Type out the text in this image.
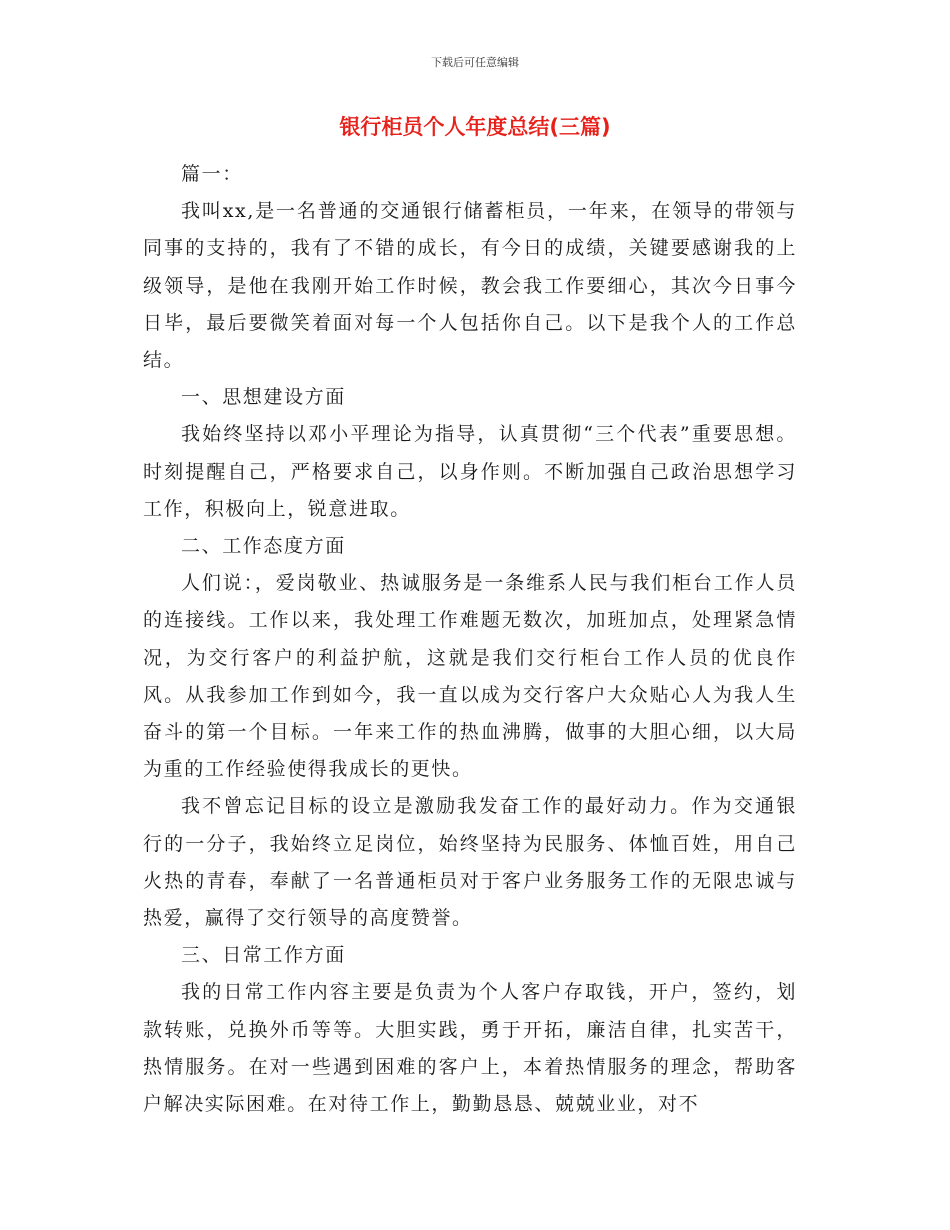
下载后可任意编辑
银行柜员个人年度总结(三篇)

篇一：

我叫xx,是一名普通的交通银行储蓄柜员，一年来，在领导的带领与同事的支持的，我有了不错的成长，有今日的成绩，关键要感谢我的上级领导，是他在我刚开始工作时候，教会我工作要细心，其次今日事今日毕，最后要微笑着面对每一个人包括你自己。以下是我个人的工作总结。

一、思想建设方面

我始终坚持以邓小平理论为指导，认真贯彻“三个代表”重要思想。时刻提醒自己，严格要求自己，以身作则。不断加强自己政治思想学习工作，积极向上，锐意进取。

二、工作态度方面

人们说：，爱岗敬业、热诚服务是一条维系人民与我们柜台工作人员的连接线。工作以来，我处理工作难题无数次，加班加点，处理紧急情况，为交行客户的利益护航，这就是我们交行柜台工作人员的优良作风。从我参加工作到如今，我一直以成为交行客户大众贴心人为我人生奋斗的第一个目标。一年来工作的热血沸腾，做事的大胆心细，以大局为重的工作经验使得我成长的更快。

我不曾忘记目标的设立是激励我发奋工作的最好动力。作为交通银行的一分子，我始终立足岗位，始终坚持为民服务、体恤百姓，用自己火热的青春，奉献了一名普通柜员对于客户业务服务工作的无限忠诚与热爱，赢得了交行领导的高度赞誉。

三、日常工作方面

我的日常工作内容主要是负责为个人客户存取钱，开户，签约，划款转账，兑换外币等等。大胆实践，勇于开拓，廉洁自律，扎实苦干，热情服务。在对一些遇到困难的客户上，本着热情服务的理念，帮助客户解决实际困难。在对待工作上，勤勤恳恳、兢兢业业，对不
